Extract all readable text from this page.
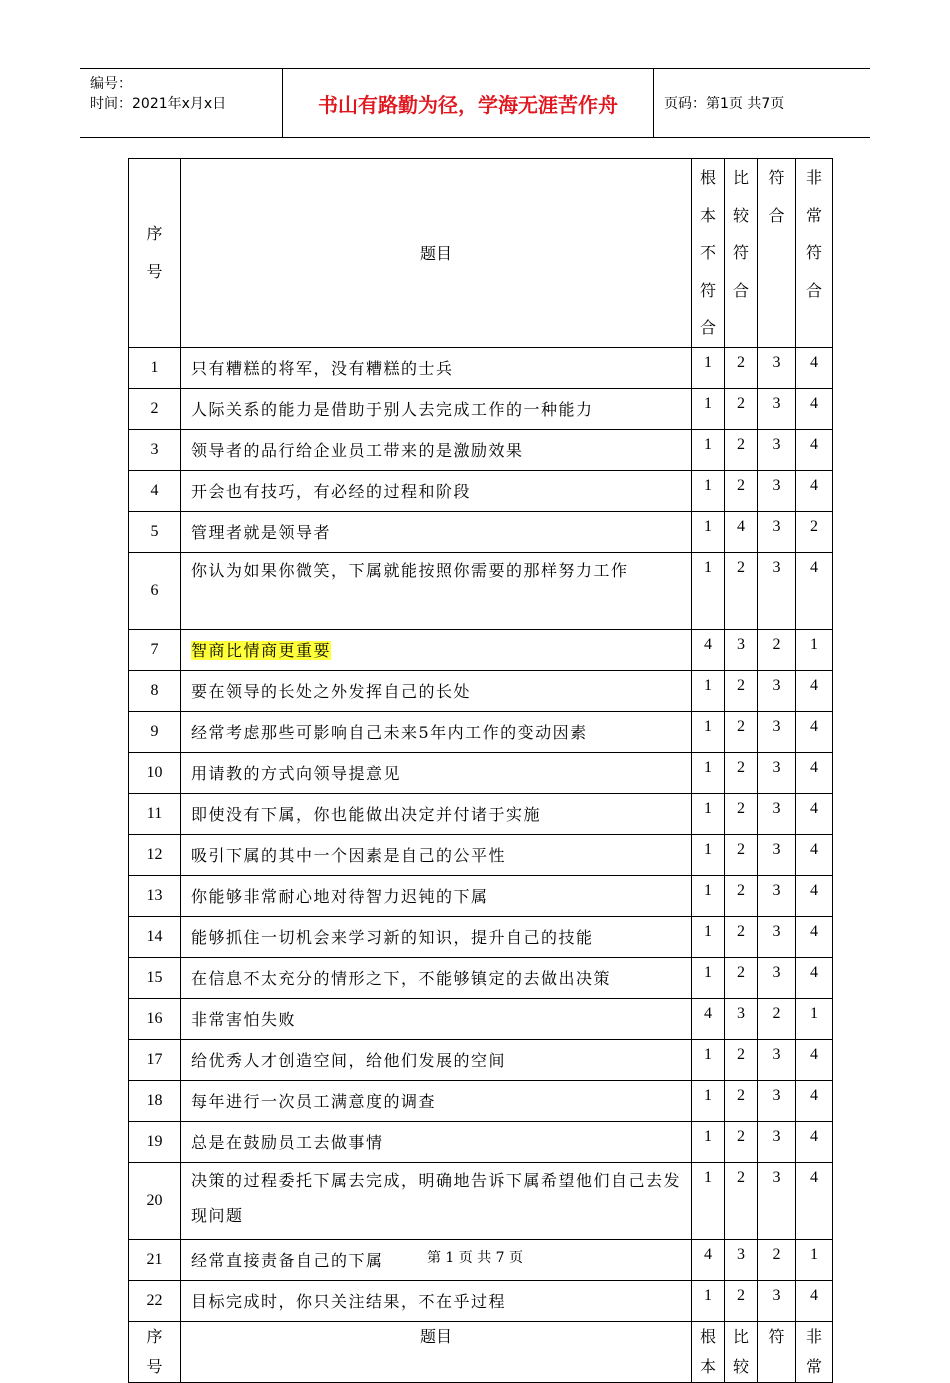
编号：
时间：2021年x月x日	书山有路勤为径，学海无涯苦作舟	页码：第1页 共7页
序
号	题目	根
本
不
符
合	比
较
符
合	符
合	非
常
符
合

1	只有糟糕的将军，没有糟糕的士兵	1	2	3	4
2	人际关系的能力是借助于别人去完成工作的一种能力	1	2	3	4
3	领导者的品行给企业员工带来的是激励效果	1	2	3	4
4	开会也有技巧，有必经的过程和阶段	1	2	3	4
5	管理者就是领导者	1	4	3	2
6	你认为如果你微笑，下属就能按照你需要的那样努力工作	1	2	3	4
7	智商比情商更重要	4	3	2	1
8	要在领导的长处之外发挥自己的长处	1	2	3	4
9	经常考虑那些可影响自己未来5年内工作的变动因素	1	2	3	4
10	用请教的方式向领导提意见	1	2	3	4
11	即使没有下属，你也能做出决定并付诸于实施	1	2	3	4
12	吸引下属的其中一个因素是自己的公平性	1	2	3	4
13	你能够非常耐心地对待智力迟钝的下属	1	2	3	4
14	能够抓住一切机会来学习新的知识，提升自己的技能	1	2	3	4
15	在信息不太充分的情形之下，不能够镇定的去做出决策	1	2	3	4
16	非常害怕失败	4	3	2	1
17	给优秀人才创造空间，给他们发展的空间	1	2	3	4
18	每年进行一次员工满意度的调查	1	2	3	4
19	总是在鼓励员工去做事情	1	2	3	4
20	决策的过程委托下属去完成，明确地告诉下属希望他们自己去发现问题	1	2	3	4
21	经常直接责备自己的下属	4	3	2	1
22	目标完成时，你只关注结果，不在乎过程	1	2	3	4

序
号	题目	根
本	比
较	符	非
常
第 1 页 共 7 页
